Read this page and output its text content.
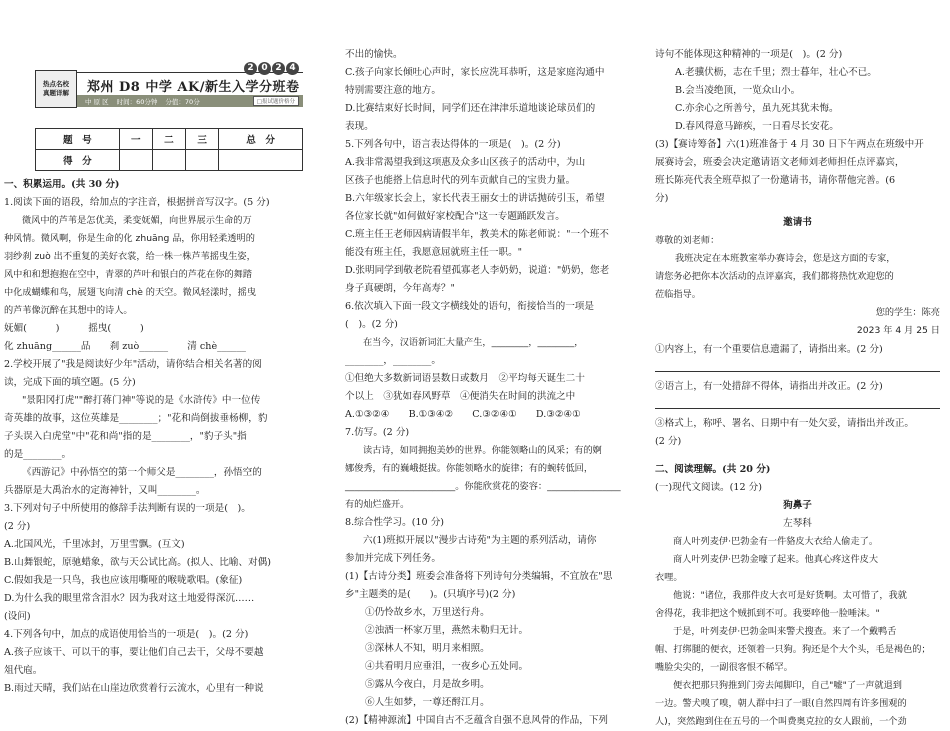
热点名校
真题详解
2 0 2 4
郑州 D8 中学 AK/新生入学分班卷
中 原 区 时间：60分钟 分值：70分	□报试题价格分
题　号	一	二	三	总　分
得　分				
一、积累运用。(共 30 分)
1.阅读下面的语段，给加点的字注音，根据拼音写汉字。(5 分)
微风中的芦苇是怎优美，柔变妩媚，向世界展示生命的万
种风情。微风啊，你是生命的化 zhuāng 品，你用轻柔透明的
羽纱刹 zuò 出不重复的美好衣裳，给一株一株芦苇摇曳生姿，
风中和和想抱抱在空中，青翠的芦叶和银白的芦花在你的舞踏
中化成蝴蝶和鸟，展翅飞向清 chè 的天空。微风轻漾时，摇曳
的芦苇像沉醉在其想中的诗人。
妩媚(　　　)　　　摇曳(　　　)
化 zhuāng______品　　刹 zuò______　　清 chè______
2.学校开展了"我是阅读好少年"活动，请你结合相关名著的阅
读，完成下面的填空题。(5 分)
"景阳冈打虎""醉打蒋门神"等说的是《水浒传》中一位传
奇英雄的故事，这位英雄是________；"花和尚倒拔垂杨柳，豹
子头误入白虎堂"中"花和尚"指的是________，"豹子头"指
的是________。
《西游记》中孙悟空的第一个师父是________，孙悟空的
兵器原是大禹治水的定海神针，又叫________。
3.下列对句子中所使用的修辞手法判断有误的一项是(　)。
(2 分)
A.北国风光，千里冰封，万里雪飘。(互文)
B.山舞银蛇，原驰蜡象，欲与天公试比高。(拟人、比喻、对偶)
C.假如我是一只鸟，我也应该用嘶哑的喉咙歌唱。(象征)
D.为什么我的眼里常含泪水？因为我对这土地爱得深沉……
(设问)
4.下列各句中，加点的成语使用恰当的一项是(　)。(2 分)
A.孩子应该干、可以干的事，要让他们自己去干，父母不要越
俎代庖。
B.雨过天晴，我们站在山崖边欣赏着行云流水，心里有一种说
不出的愉快。
C.孩子向家长倾吐心声时，家长应洗耳恭听，这是家庭沟通中
特别需要注意的地方。
D.比赛结束好长时间，同学们还在津津乐道地谈论球员们的
表现。
5.下列各句中，语言表达得体的一项是(　)。(2 分)
A.我非常渴望我到这项惠及众多山区孩子的活动中，为山
区孩子也能搭上信息时代的列车贡献自己的宝贵力量。
B.六年级家长会上，家长代表王丽女士的讲话抛砖引玉，希望
各位家长就"如何做好家校配合"这一专题踊跃发言。
C.班主任王老师因病请假半年，教美术的陈老师说："一个班不
能没有班主任，我愿意屈就班主任一职。"
D.张明同学到敬老院看望孤寡老人李奶奶，说道："奶奶，您老
身子真硬朗，今年高寿？"
6.依次填入下面一段文字横线处的语句，衔接恰当的一项是
(　)。(2 分)
在当今，汉语新词汇大量产生，________，________，
________，________。
①但绝大多数新词语昙数日或数月　②平均每天诞生二十
个以上　③犹如春风野草　④便消失在时间的洪流之中
A.①③②④　　B.①③④②　　C.③②④①　　D.③②④①
7.仿写。(2 分)
读古诗，如同拥抱美妙的世界。你能领略山的风采；有的婀
娜俊秀，有的巍峨挺拔。你能领略水的旋律；有的蜿转低回，
________________________。你能欣赏花的姿容：________________
有的灿烂盛开。
8.综合性学习。(10 分)
六(1)班拟开展以"漫步古诗苑"为主题的系列活动，请你
参加并完成下列任务。
(1)【古诗分类】班委会准备将下列诗句分类编辑，不宜放在"思
乡"主题类的是(　　)。(只填序号)(2 分)
①仍怜故乡水，万里送行舟。
②浊酒一杯家万里，燕然未勒归无计。
③深林人不知，明月来相照。
④共看明月应垂泪，一夜乡心五处同。
⑤露从今夜白，月是故乡明。
⑥人生如梦，一尊还酹江月。
(2)【精神源流】中国自古不乏蕴含自强不息风骨的作品，下列
诗句不能体现这种精神的一项是(　)。(2 分)
A.老骥伏枥，志在千里；烈士暮年，壮心不已。
B.会当凌绝顶，一览众山小。
C.亦余心之所善兮，虽九死其犹未悔。
D.春风得意马蹄疾，一日看尽长安花。
(3)【赛诗筹备】六(1)班准备于 4 月 30 日下午两点在班级中开
展赛诗会，班委会决定邀请语文老师刘老师担任点评嘉宾，
班长陈亮代表全班草拟了一份邀请书，请你帮他完善。(6
分)
邀请书
尊敬的刘老师：
我班决定在本班教室举办赛诗会，您是这方面的专家，
请您务必把你本次活动的点评嘉宾，我们都将热忱欢迎您的
莅临指导。
您的学生：陈亮
2023 年 4 月 25 日
①内容上，有一个重要信息遗漏了，请指出来。(2 分)
②语言上，有一处措辞不得体，请指出并改正。(2 分)
③格式上，称呼、署名、日期中有一处欠妥，请指出并改正。
(2 分)
二、阅读理解。(共 20 分)
(一)现代文阅读。(12 分)
狗鼻子
左琴科
商人叶列麦伊·巴勃金有一件貉皮大衣给人偷走了。
商人叶列麦伊·巴勃金嚎了起来。他真心疼这件皮大
衣哩。
他说："诸位，我那件皮大衣可是好货啊。太可惜了，我就
舍得花，我非把这个贼抓到不可。我要啐他一脸唾沫。"
于是，叶列麦伊·巴勃金叫来警犬搜查。来了一个戴鸭舌
帽、打绑腿的便衣，还领着一只狗。狗还是个大个头，毛是褐色的；
嘴脸尖尖的，一副很客恨不稀罕。
便衣把那只狗推到门旁去闻脚印，自己"嘘"了一声就退到
一边。警犬嗅了嗅，朝人群中扫了一眼(自然四周有许多围观的
人)，突然跑到住在五号的一个叫费奥克拉的女人跟前，一个劲
